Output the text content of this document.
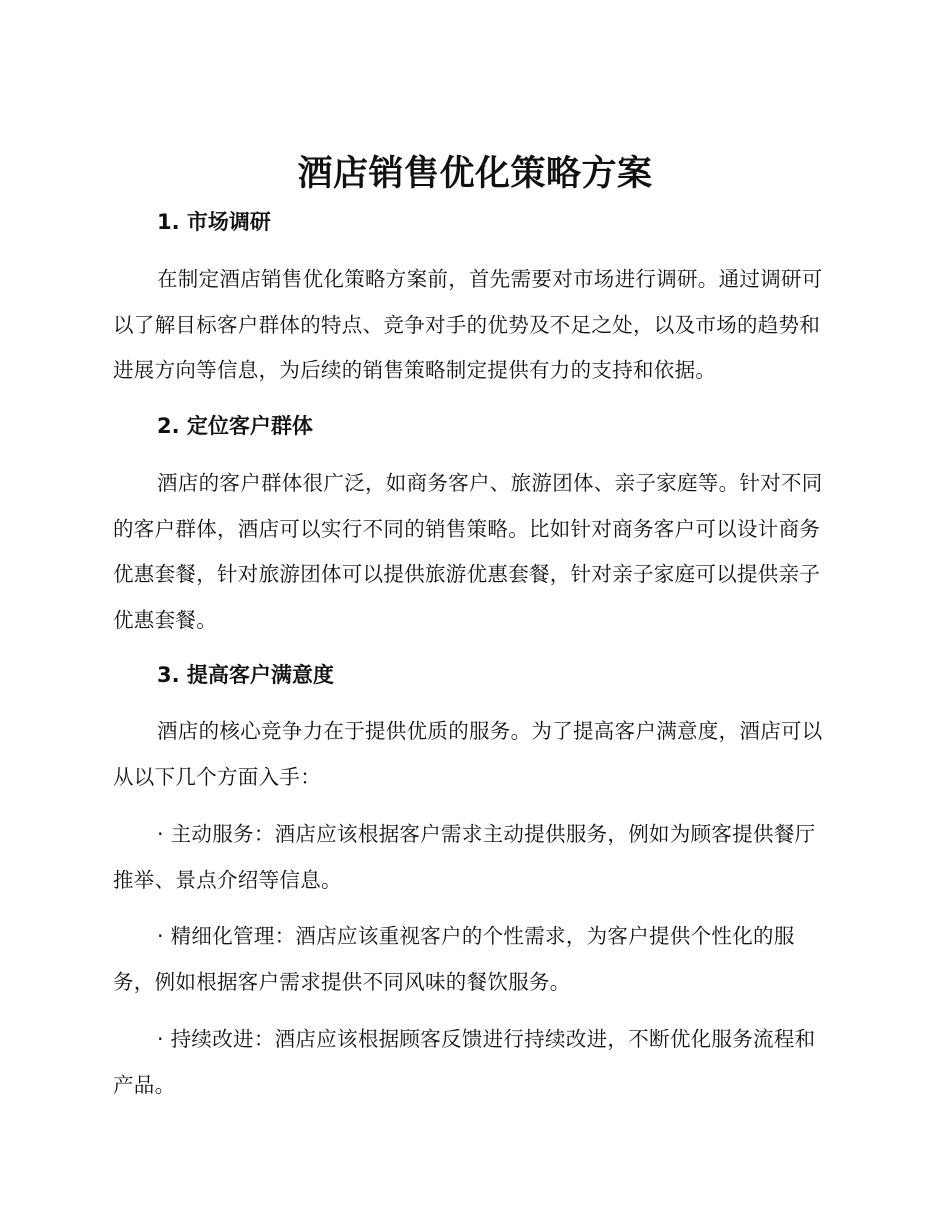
酒店销售优化策略方案
1. 市场调研

在制定酒店销售优化策略方案前，首先需要对市场进行调研。通过调研可以了解目标客户群体的特点、竞争对手的优势及不足之处，以及市场的趋势和进展方向等信息，为后续的销售策略制定提供有力的支持和依据。

2. 定位客户群体

酒店的客户群体很广泛，如商务客户、旅游团体、亲子家庭等。针对不同的客户群体，酒店可以实行不同的销售策略。比如针对商务客户可以设计商务优惠套餐，针对旅游团体可以提供旅游优惠套餐，针对亲子家庭可以提供亲子优惠套餐。

3. 提高客户满意度

酒店的核心竞争力在于提供优质的服务。为了提高客户满意度，酒店可以从以下几个方面入手：

· 主动服务：酒店应该根据客户需求主动提供服务，例如为顾客提供餐厅推举、景点介绍等信息。

· 精细化管理：酒店应该重视客户的个性需求，为客户提供个性化的服务，例如根据客户需求提供不同风味的餐饮服务。

· 持续改进：酒店应该根据顾客反馈进行持续改进，不断优化服务流程和产品。
